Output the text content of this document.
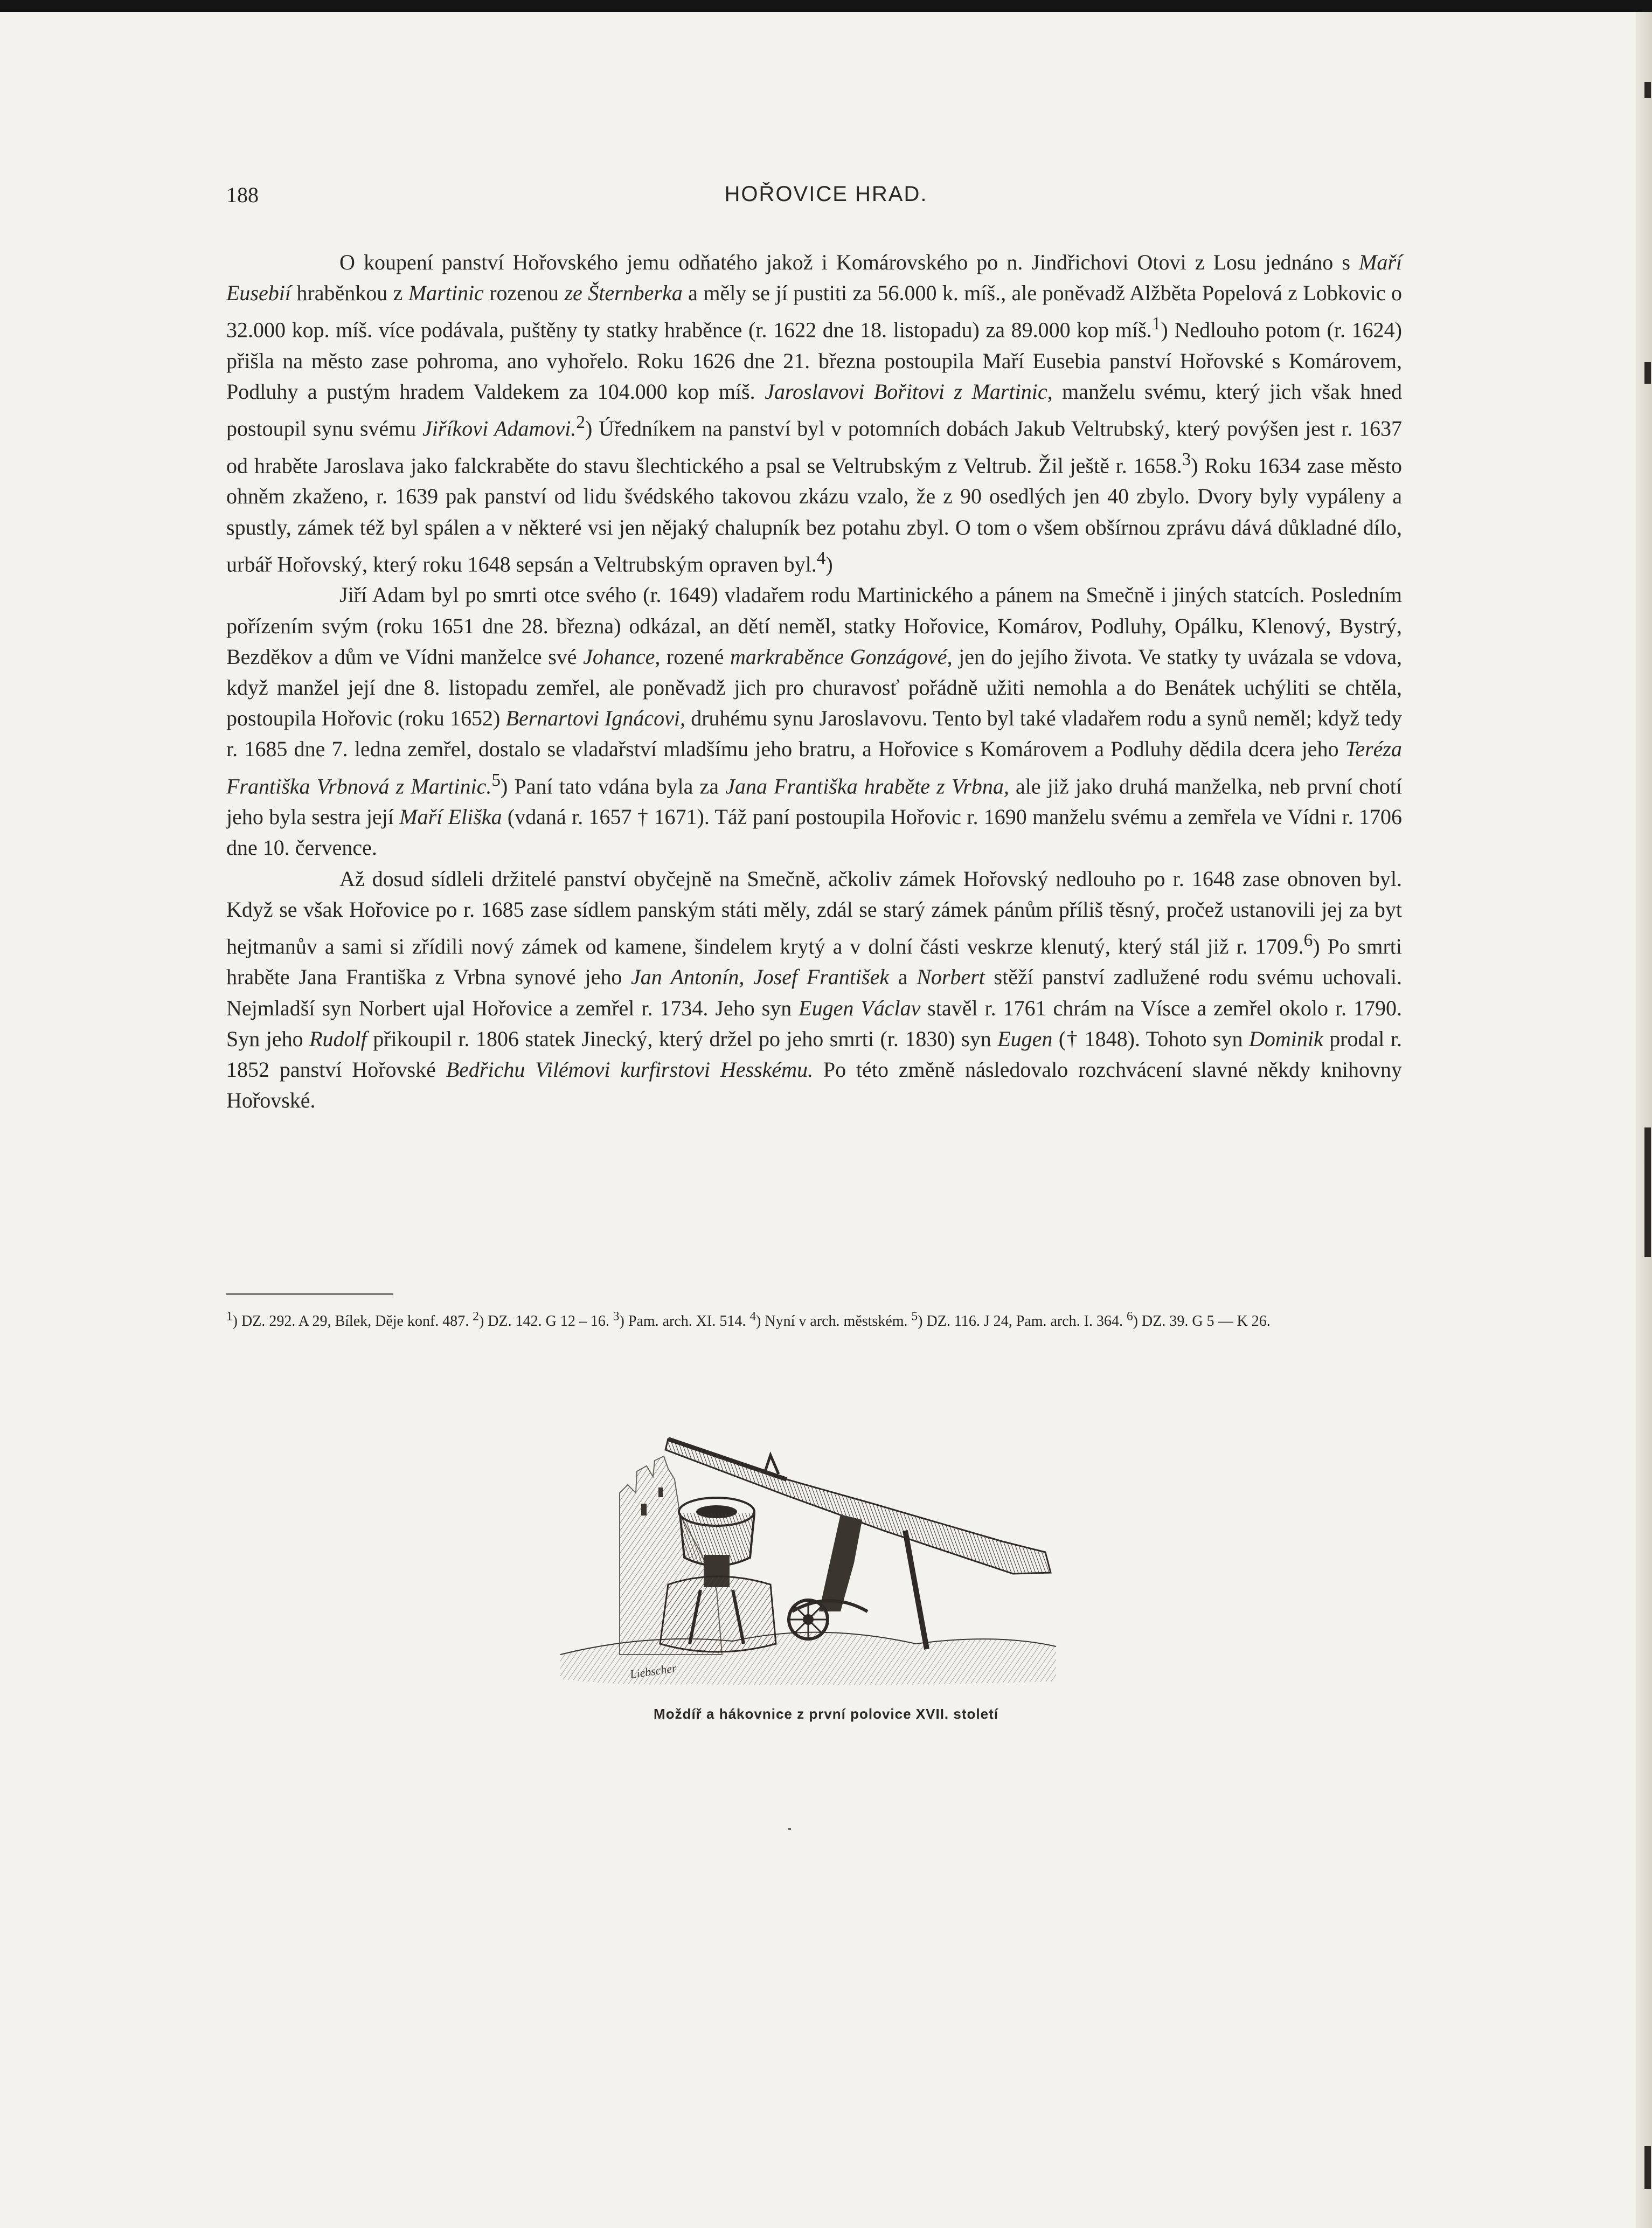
188	HOŘOVICE HRAD.

O koupení panství Hořovského jemu odňatého jakož i Komárovského po n. Jindřichovi Otovi z Losu jednáno s Maří Eusebií hraběnkou z Martinic rozenou ze Šternberka a měly se jí pustiti za 56.000 k. míš., ale poněvadž Alžběta Popelová z Lobkovic o 32.000 kop. míš. více podávala, puštěny ty statky hraběnce (r. 1622 dne 18. listopadu) za 89.000 kop míš.$^1$) Nedlouho potom (r. 1624) přišla na město zase pohroma, ano vyhořelo. Roku 1626 dne 21. března postoupila Maří Eusebia panství Hořovské s Komárovem, Podluhy a pustým hradem Valdekem za 104.000 kop míš. Jaroslavovi Bořitovi z Martinic, manželu svému, který jich však hned postoupil synu svému Jiříkovi Adamovi.$^2$) Úředníkem na panství byl v potomních dobách Jakub Veltrubský, který povýšen jest r. 1637 od hraběte Jaroslava jako falckraběte do stavu šlechtického a psal se Veltrubským z Veltrub. Žil ještě r. 1658.$^3$) Roku 1634 zase město ohněm zkaženo, r. 1639 pak panství od lidu švédského takovou zkázu vzalo, že z 90 osedlých jen 40 zbylo. Dvory byly vypáleny a spustly, zámek též byl spálen a v některé vsi jen nějaký chalupník bez potahu zbyl. O tom o všem obšírnou zprávu dává důkladné dílo, urbář Hořovský, který roku 1648 sepsán a Veltrubským opraven byl.$^4$)

Jiří Adam byl po smrti otce svého (r. 1649) vladařem rodu Martinického a pánem na Smečně i jiných statcích. Posledním pořízením svým (roku 1651 dne 28. března) odkázal, an dětí neměl, statky Hořovice, Komárov, Podluhy, Opálku, Klenový, Bystrý, Bezděkov a dům ve Vídni manželce své Johance, rozené markraběnce Gonzágové, jen do jejího života. Ve statky ty uvázala se vdova, když manžel její dne 8. listopadu zemřel, ale poněvadž jich pro churavosť pořádně užiti nemohla a do Benátek uchýliti se chtěla, postoupila Hořovic (roku 1652) Bernartovi Ignácovi, druhému synu Jaroslavovu. Tento byl také vladařem rodu a synů neměl; když tedy r. 1685 dne 7. ledna zemřel, dostalo se vladařství mladšímu jeho bratru, a Hořovice s Komárovem a Podluhy dědila dcera jeho Teréza Františka Vrbnová z Martinic.$^5$) Paní tato vdána byla za Jana Františka hraběte z Vrbna, ale již jako druhá manželka, neb první chotí jeho byla sestra její Maří Eliška (vdaná r. 1657 † 1671). Táž paní postoupila Hořovic r. 1690 manželu svému a zemřela ve Vídni r. 1706 dne 10. července.

Až dosud sídleli držitelé panství obyčejně na Smečně, ačkoliv zámek Hořovský nedlouho po r. 1648 zase obnoven byl. Když se však Hořovice po r. 1685 zase sídlem panským státi měly, zdál se starý zámek pánům příliš těsný, pročež ustanovili jej za byt hejtmanův a sami si zřídili nový zámek od kamene, šindelem krytý a v dolní části veskrze klenutý, který stál již r. 1709.$^6$) Po smrti hraběte Jana Františka z Vrbna synové jeho Jan Antonín, Josef František a Norbert stěží panství zadlužené rodu svému uchovali. Nejmladší syn Norbert ujal Hořovice a zemřel r. 1734. Jeho syn Eugen Václav stavěl r. 1761 chrám na Vísce a zemřel okolo r. 1790. Syn jeho Rudolf přikoupil r. 1806 statek Jinecký, který držel po jeho smrti (r. 1830) syn Eugen († 1848). Tohoto syn Dominik prodal r. 1852 panství Hořovské Bedřichu Vilémovi kurfirstovi Hesskému. Po této změně následovalo rozchvácení slavné někdy knihovny Hořovské.

$^1$) DZ. 292. A 29, Bílek, Děje konf. 487. $^2$) DZ. 142. G 12 – 16. $^3$) Pam. arch. XI. 514. $^4$) Nyní v arch. městském. $^5$) DZ. 116. J 24, Pam. arch. I. 364. $^6$) DZ. 39. G 5 — K 26.
Liebscher
Moždíř a hákovnice z první polovice XVII. století
